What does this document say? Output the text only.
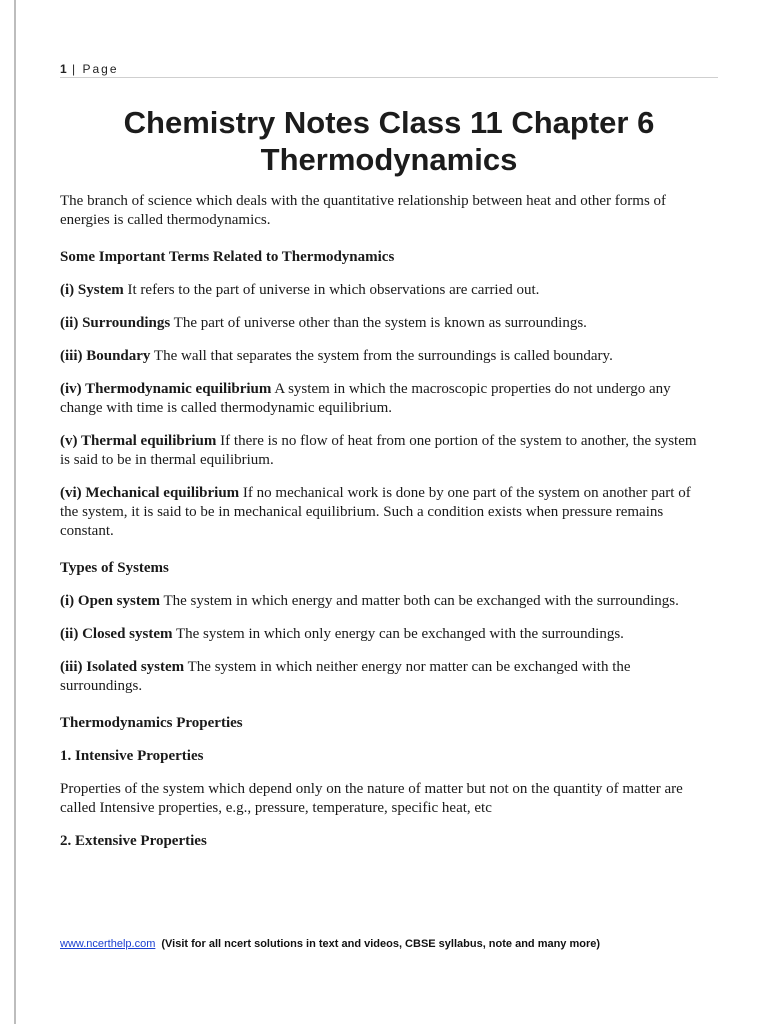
1 | Page
Chemistry Notes Class 11 Chapter 6
Thermodynamics

The branch of science which deals with the quantitative relationship between heat and other forms of energies is called thermodynamics.

Some Important Terms Related to Thermodynamics

(i) System It refers to the part of universe in which observations are carried out.

(ii) Surroundings The part of universe other than the system is known as surroundings.

(iii) Boundary The wall that separates the system from the surroundings is called boundary.

(iv) Thermodynamic equilibrium A system in which the macroscopic properties do not undergo any change with time is called thermodynamic equilibrium.

(v) Thermal equilibrium If there is no flow of heat from one portion of the system to another, the system is said to be in thermal equilibrium.

(vi) Mechanical equilibrium If no mechanical work is done by one part of the system on another part of the system, it is said to be in mechanical equilibrium. Such a condition exists when pressure remains constant.

Types of Systems

(i) Open system The system in which energy and matter both can be exchanged with the surroundings.

(ii) Closed system The system in which only energy can be exchanged with the surroundings.

(iii) Isolated system The system in which neither energy nor matter can be exchanged with the surroundings.

Thermodynamics Properties

1. Intensive Properties

Properties of the system which depend only on the nature of matter but not on the quantity of matter are called Intensive properties, e.g., pressure, temperature, specific heat, etc

2. Extensive Properties

www.ncerthelp.com (Visit for all ncert solutions in text and videos, CBSE syllabus, note and many more)
